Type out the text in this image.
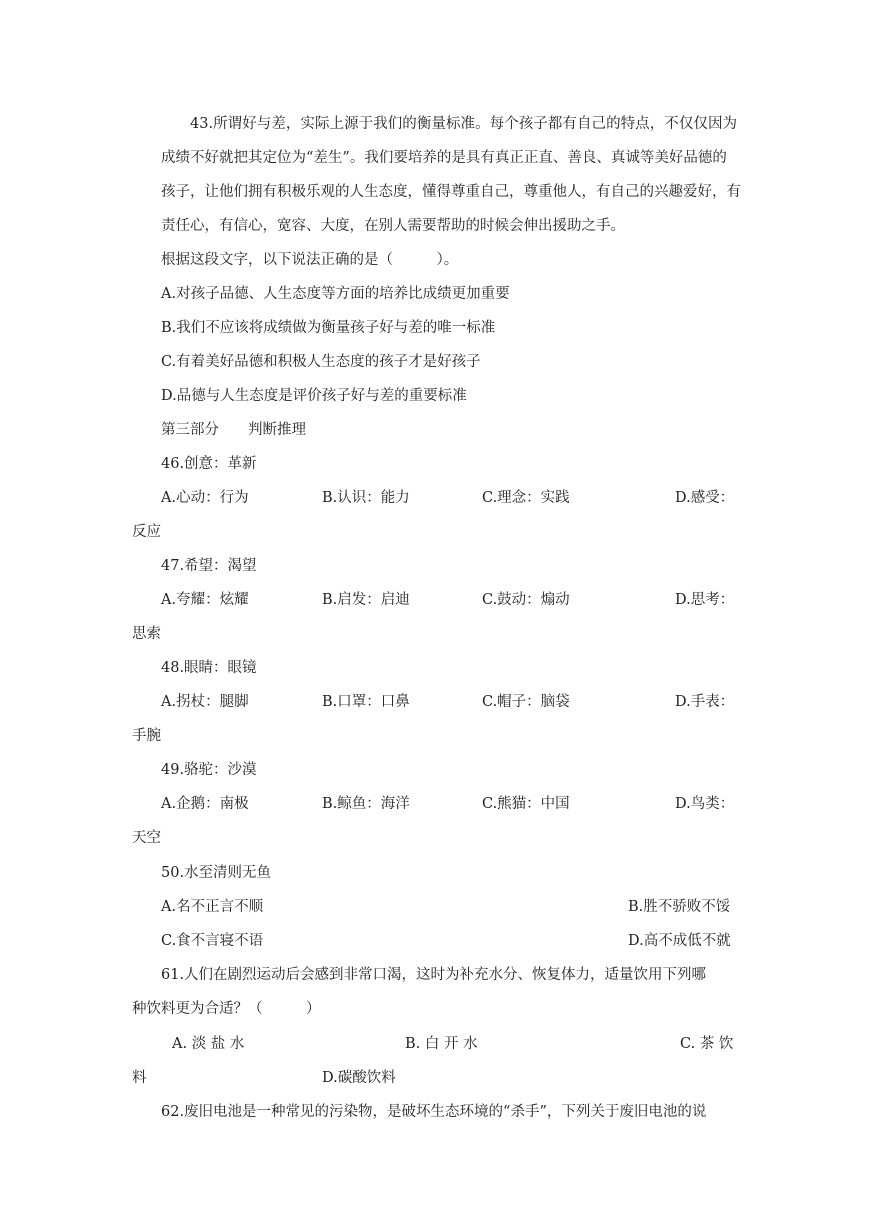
43.所谓好与差，实际上源于我们的衡量标准。每个孩子都有自己的特点，不仅仅因为
成绩不好就把其定位为“差生”。我们要培养的是具有真正正直、善良、真诚等美好品德的
孩子，让他们拥有积极乐观的人生态度，懂得尊重自己，尊重他人，有自己的兴趣爱好，有
责任心，有信心，宽容、大度，在别人需要帮助的时候会伸出援助之手。
根据这段文字，以下说法正确的是（　　　）。
A.对孩子品德、人生态度等方面的培养比成绩更加重要
B.我们不应该将成绩做为衡量孩子好与差的唯一标准
C.有着美好品德和积极人生态度的孩子才是好孩子
D.品德与人生态度是评价孩子好与差的重要标准
第三部分 判断推理
46.创意：革新
A.心动：行为	B.认识：能力	C.理念：实践	D.感受：
反应
47.希望：渴望
A.夸耀：炫耀	B.启发：启迪	C.鼓动：煽动	D.思考：
思索
48.眼睛：眼镜
A.拐杖：腿脚	B.口罩：口鼻	C.帽子：脑袋	D.手表：
手腕
49.骆驼：沙漠
A.企鹅：南极	B.鲸鱼：海洋	C.熊猫：中国	D.鸟类：
天空
50.水至清则无鱼
A.名不正言不顺	B.胜不骄败不馁
C.食不言寝不语	D.高不成低不就
61.人们在剧烈运动后会感到非常口渴，这时为补充水分、恢复体力，适量饮用下列哪
种饮料更为合适？（　　　）
A. 淡 盐 水	B. 白 开 水	C. 茶 饮
料	D.碳酸饮料
62.废旧电池是一种常见的污染物，是破坏生态环境的“杀手”，下列关于废旧电池的说
